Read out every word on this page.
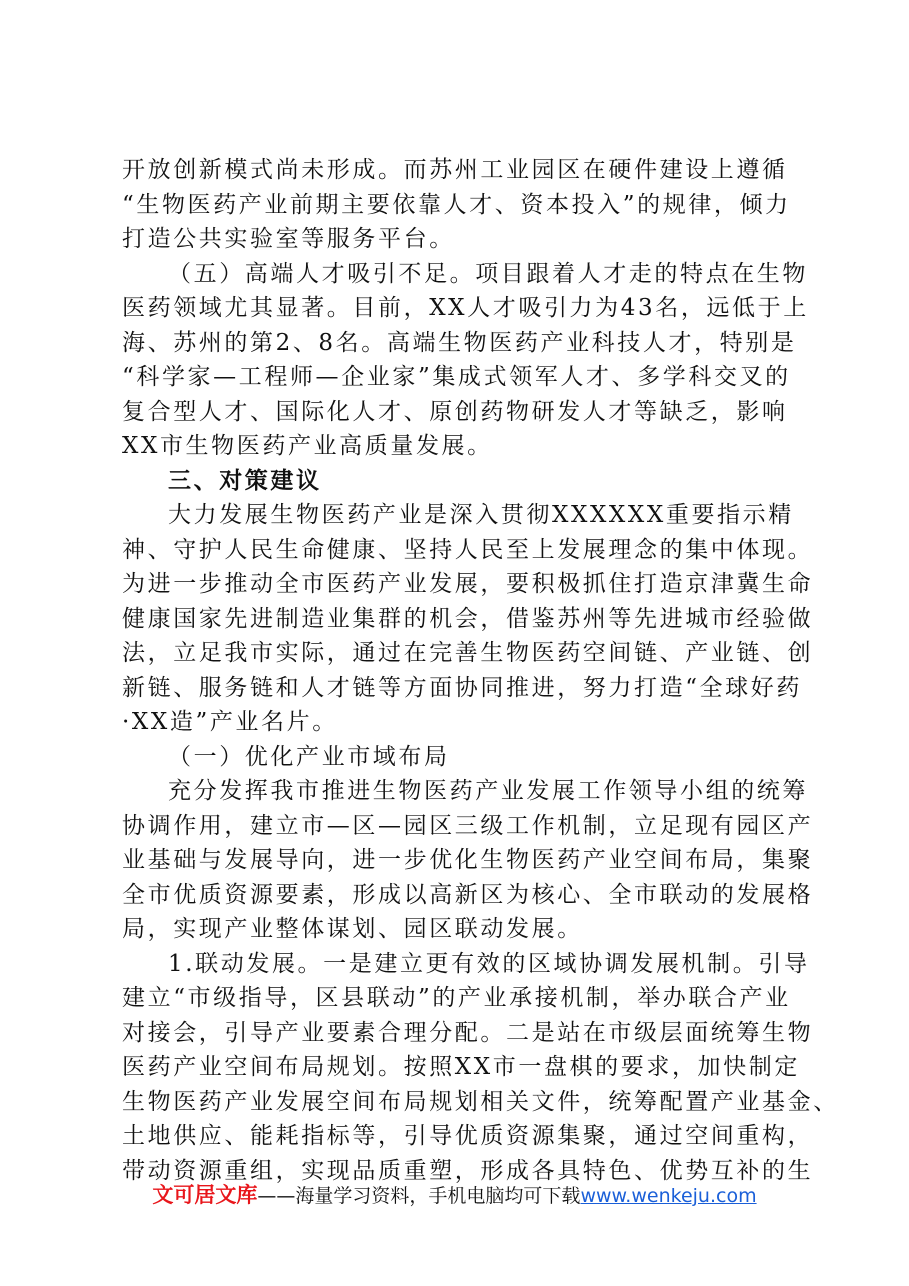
开放创新模式尚未形成。而苏州工业园区在硬件建设上遵循
“生物医药产业前期主要依靠人才、资本投入”的规律，倾力
打造公共实验室等服务平台。
（五）高端人才吸引不足。项目跟着人才走的特点在生物
医药领域尤其显著。目前，XX人才吸引力为43名，远低于上
海、苏州的第2、8名。高端生物医药产业科技人才，特别是
“科学家—工程师—企业家”集成式领军人才、多学科交叉的
复合型人才、国际化人才、原创药物研发人才等缺乏，影响
XX市生物医药产业高质量发展。
三、对策建议
大力发展生物医药产业是深入贯彻XXXXXX重要指示精
神、守护人民生命健康、坚持人民至上发展理念的集中体现。
为进一步推动全市医药产业发展，要积极抓住打造京津冀生命
健康国家先进制造业集群的机会，借鉴苏州等先进城市经验做
法，立足我市实际，通过在完善生物医药空间链、产业链、创
新链、服务链和人才链等方面协同推进，努力打造“全球好药
·XX造”产业名片。
（一）优化产业市域布局
充分发挥我市推进生物医药产业发展工作领导小组的统筹
协调作用，建立市—区—园区三级工作机制，立足现有园区产
业基础与发展导向，进一步优化生物医药产业空间布局，集聚
全市优质资源要素，形成以高新区为核心、全市联动的发展格
局，实现产业整体谋划、园区联动发展。
1.联动发展。一是建立更有效的区域协调发展机制。引导
建立“市级指导，区县联动”的产业承接机制，举办联合产业
对接会，引导产业要素合理分配。二是站在市级层面统筹生物
医药产业空间布局规划。按照XX市一盘棋的要求，加快制定
生物医药产业发展空间布局规划相关文件，统筹配置产业基金、
土地供应、能耗指标等，引导优质资源集聚，通过空间重构，
带动资源重组，实现品质重塑，形成各具特色、优势互补的生
文可居文库——海量学习资料，手机电脑均可下载www.wenkeju.com
